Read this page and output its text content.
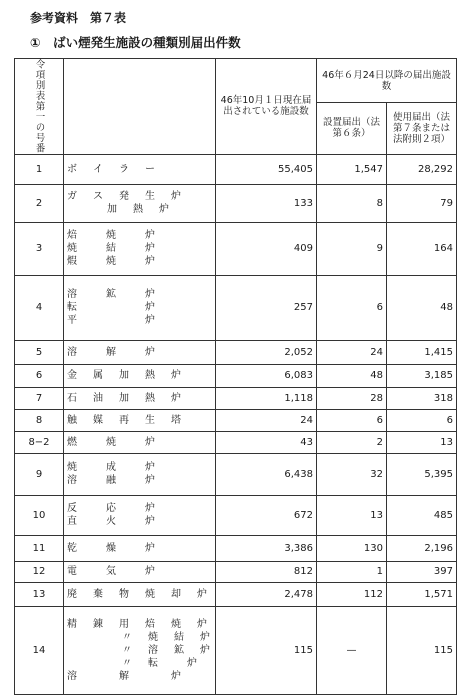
参考資料　第７表
①　ばい煙発生施設の種類別届出件数
令項別表第一の号番		46年10月１日現在届出されている施設数	46年６月24日以降の届出施設数	
			設置届出（法第６条）	使用届出（法第７条または法附則２項）
1	ボ　イ　ラ　ー	55,405	1,547	28,292
2	ガ　ス　発　生　炉
加　熱　炉	133	8	79
3	焙　　焼　　炉
焼　　結　　炉
煆　　焼　　炉	409	9	164
4	溶　　鉱　　炉
転　　　　　炉
平　　　　　炉	257	6	48
5	溶　　解　　炉	2,052	24	1,415
6	金　属　加　熱　炉	6,083	48	3,185
7	石　油　加　熱　炉	1,118	28	318
8	触　媒　再　生　塔	24	6	6
8−2	燃　　焼　　炉	43	2	13
9	焼　　成　　炉
溶　　融　　炉	6,438	32	5,395
10	反　　応　　炉
直　　火　　炉	672	13	485
11	乾　　燥　　炉	3,386	130	2,196
12	電　　気　　炉	812	1	397
13	廃　棄　物　焼　却　炉	2,478	112	1,571
14	精　錬　用　焙　焼　炉
〃　焼　結　炉
〃　溶　鉱　炉
〃　転　　炉
溶　　　解　　　炉	115	—	115
